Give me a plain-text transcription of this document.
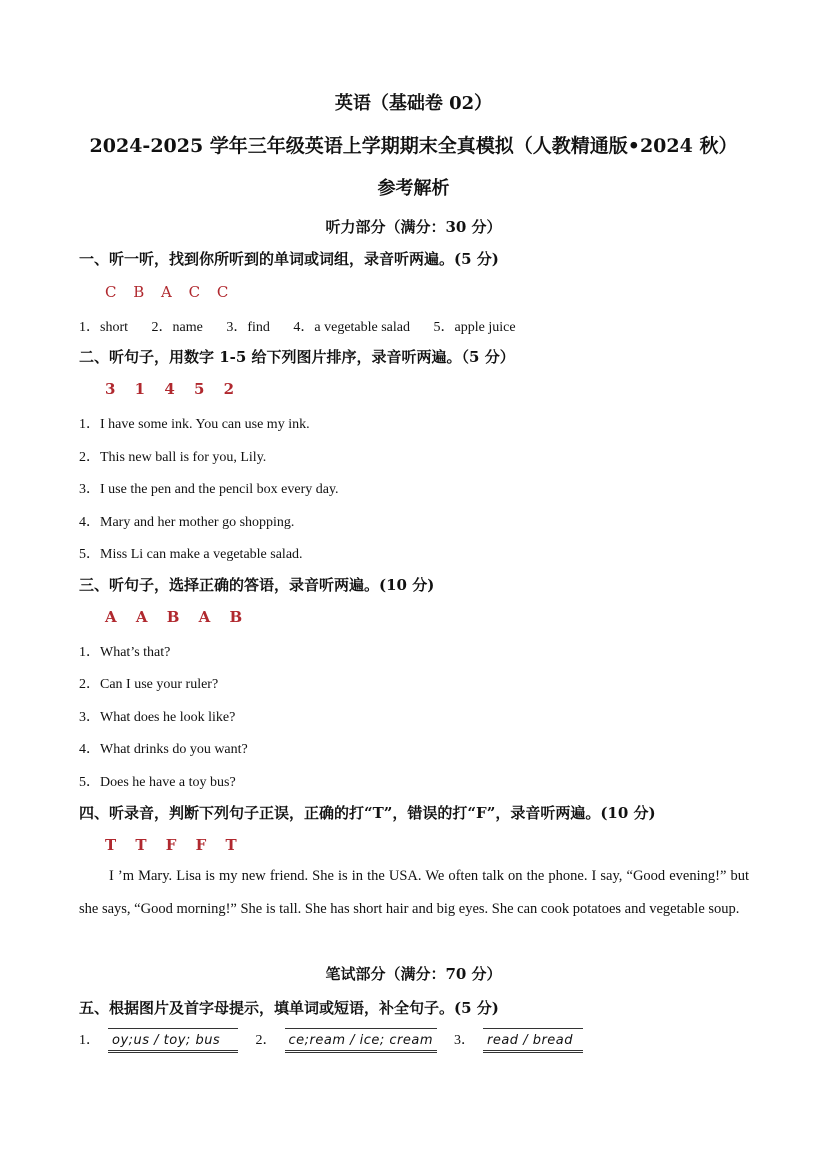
英语（基础卷 02）
2024-2025 学年三年级英语上学期期末全真模拟（人教精通版•2024 秋）
参考解析
听力部分（满分：30 分）
一、听一听，找到你所听到的单词或词组，录音听两遍。(5 分)
C B A C C
1．short 2．name 3．find 4．a vegetable salad 5．apple juice
二、听句子，用数字 1-5 给下列图片排序，录音听两遍。（5 分）
3 1 4 5 2
1．I have some ink. You can use my ink.
2．This new ball is for you, Lily.
3．I use the pen and the pencil box every day.
4．Mary and her mother go shopping.
5．Miss Li can make a vegetable salad.
三、听句子，选择正确的答语，录音听两遍。(10 分)
A A B A B
1．What’s that?
2．Can I use your ruler?
3．What does he look like?
4．What drinks do you want?
5．Does he have a toy bus?
四、听录音，判断下列句子正误，正确的打“T”，错误的打“F”，录音听两遍。(10 分)
T T F F T
I ’m Mary. Lisa is my new friend. She is in the USA. We often talk on the phone. I say, “Good evening!” but she says, “Good morning!” She is tall. She has short hair and big eyes. She can cook potatoes and vegetable soup.
笔试部分（满分：70 分）
五、根据图片及首字母提示，填单词或短语，补全句子。(5 分)
1． oy;us / toy; bus	2． ce;ream / ice; cream 3． read / bread
